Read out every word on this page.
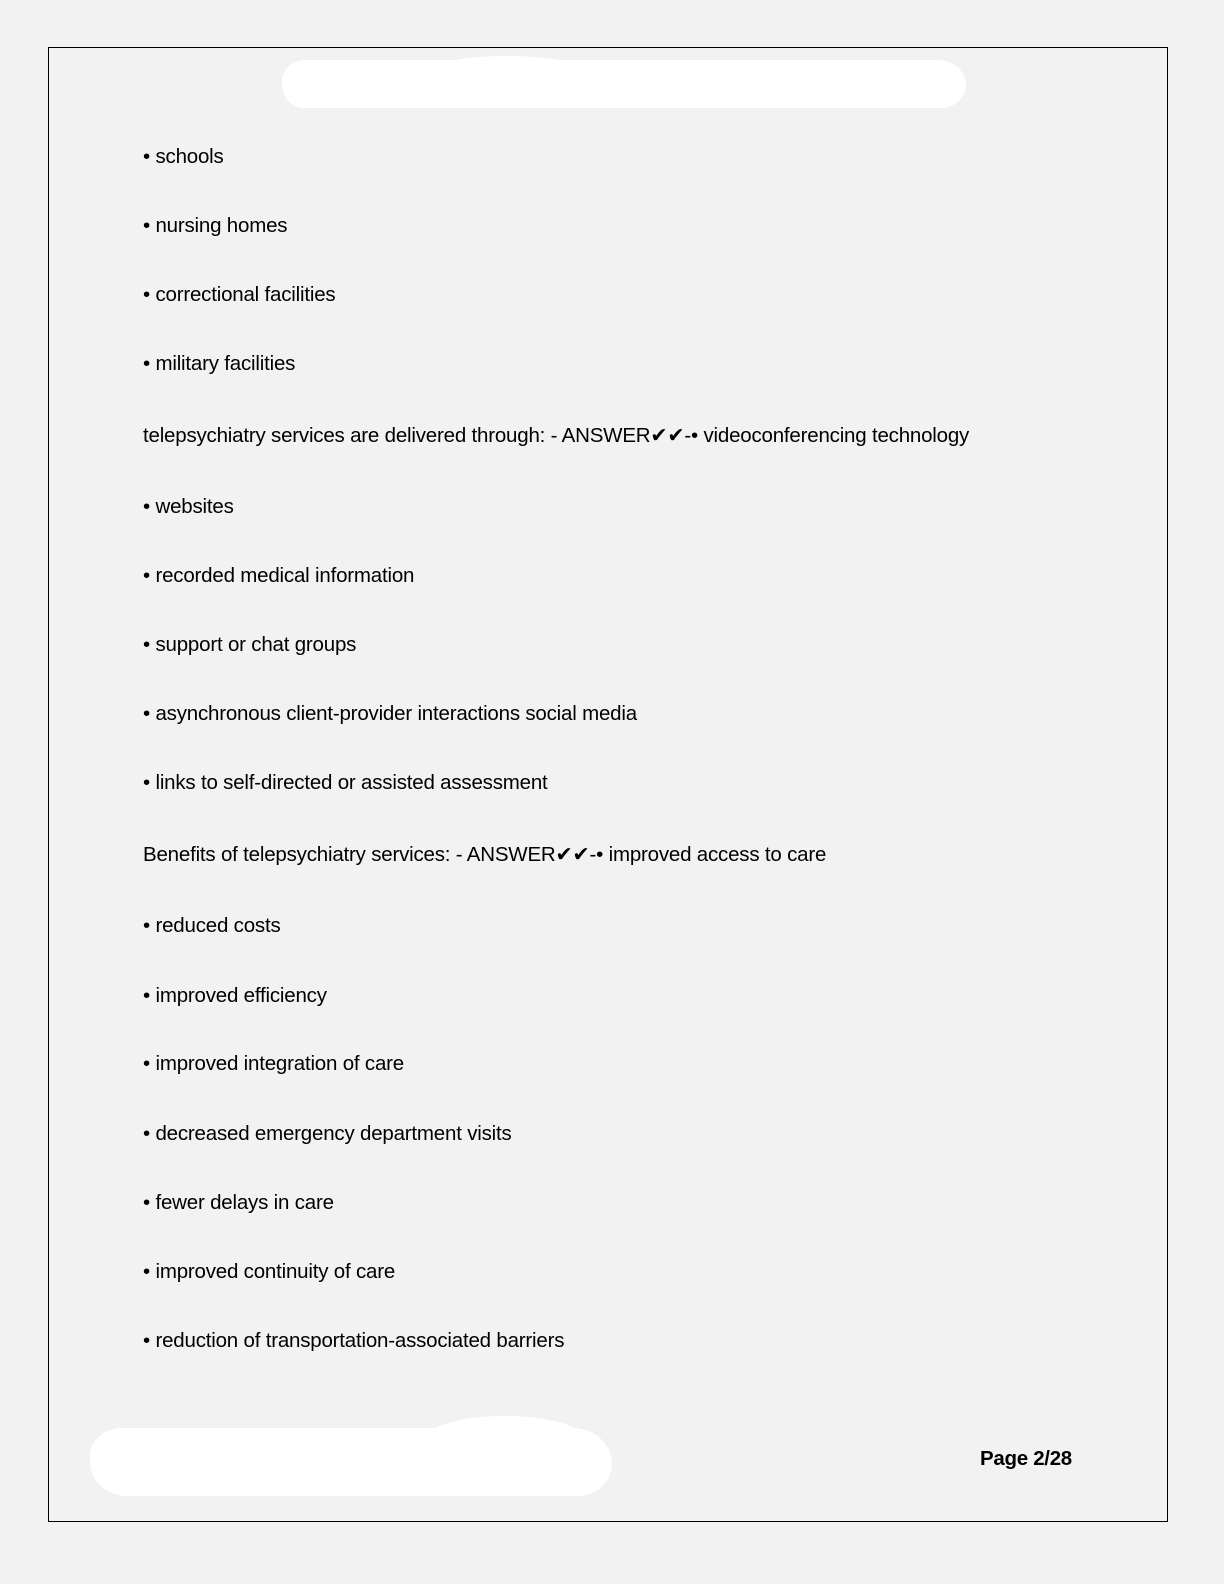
• schools
• nursing homes
• correctional facilities
• military facilities
telepsychiatry services are delivered through: - ANSWER✔✔-• videoconferencing technology
• websites
• recorded medical information
• support or chat groups
• asynchronous client-provider interactions social media
• links to self-directed or assisted assessment
Benefits of telepsychiatry services: - ANSWER✔✔-• improved access to care
• reduced costs
• improved efficiency
• improved integration of care
• decreased emergency department visits
• fewer delays in care
• improved continuity of care
• reduction of transportation-associated barriers
Page 2/28
